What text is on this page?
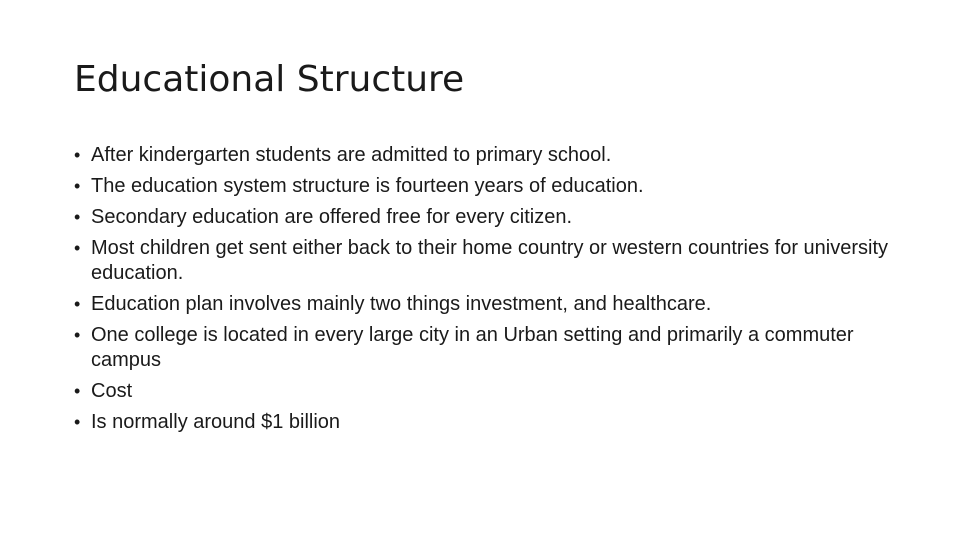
Educational Structure
• After kindergarten students are admitted to primary school.
• The education system structure is fourteen years of education.
• Secondary education are offered free for every citizen.
• Most children get sent either back to their home country or western countries for university education.
• Education plan involves mainly two things investment, and healthcare.
• One college is located in every large city in an Urban setting and primarily a commuter campus
• Cost
• Is normally around $1 billion
